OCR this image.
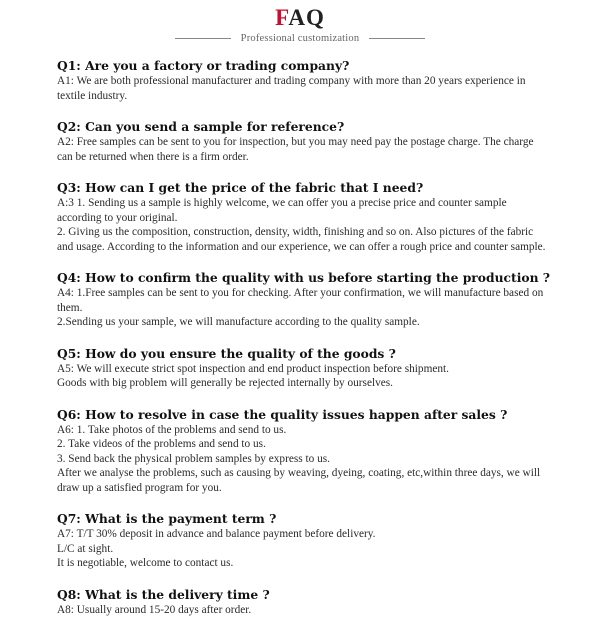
FAQ
Professional customization
Q1: Are you a factory or trading company?

A1: We are both professional manufacturer and trading company with more than 20 years experience in textile industry.

Q2: Can you send a sample for reference?

A2: Free samples can be sent to you for inspection, but you may need pay the postage charge. The charge can be returned when there is a firm order.

Q3: How can I get the price of the fabric that I need?

A:3 1. Sending us a sample is highly welcome, we can offer you a precise price and counter sample according to your original.

2. Giving us the composition, construction, density, width, finishing and so on. Also pictures of the fabric and usage. According to the information and our experience, we can offer a rough price and counter sample.

Q4: How to confirm the quality with us before starting the production ?

A4: 1.Free samples can be sent to you for checking. After your confirmation, we will manufacture based on them.

2.Sending us your sample, we will manufacture according to the quality sample.

Q5: How do you ensure the quality of the goods ?

A5: We will execute strict spot inspection and end product inspection before shipment.

Goods with big problem will generally be rejected internally by ourselves.

Q6: How to resolve in case the quality issues happen after sales ?

A6: 1. Take photos of the problems and send to us.

2. Take videos of the problems and send to us.

3. Send back the physical problem samples by express to us.

After we analyse the problems, such as causing by weaving, dyeing, coating, etc,within three days, we will draw up a satisfied program for you.

Q7: What is the payment term ?

A7: T/T 30% deposit in advance and balance payment before delivery.

L/C at sight.

It is negotiable, welcome to contact us.

Q8: What is the delivery time ?

A8: Usually around 15-20 days after order.
